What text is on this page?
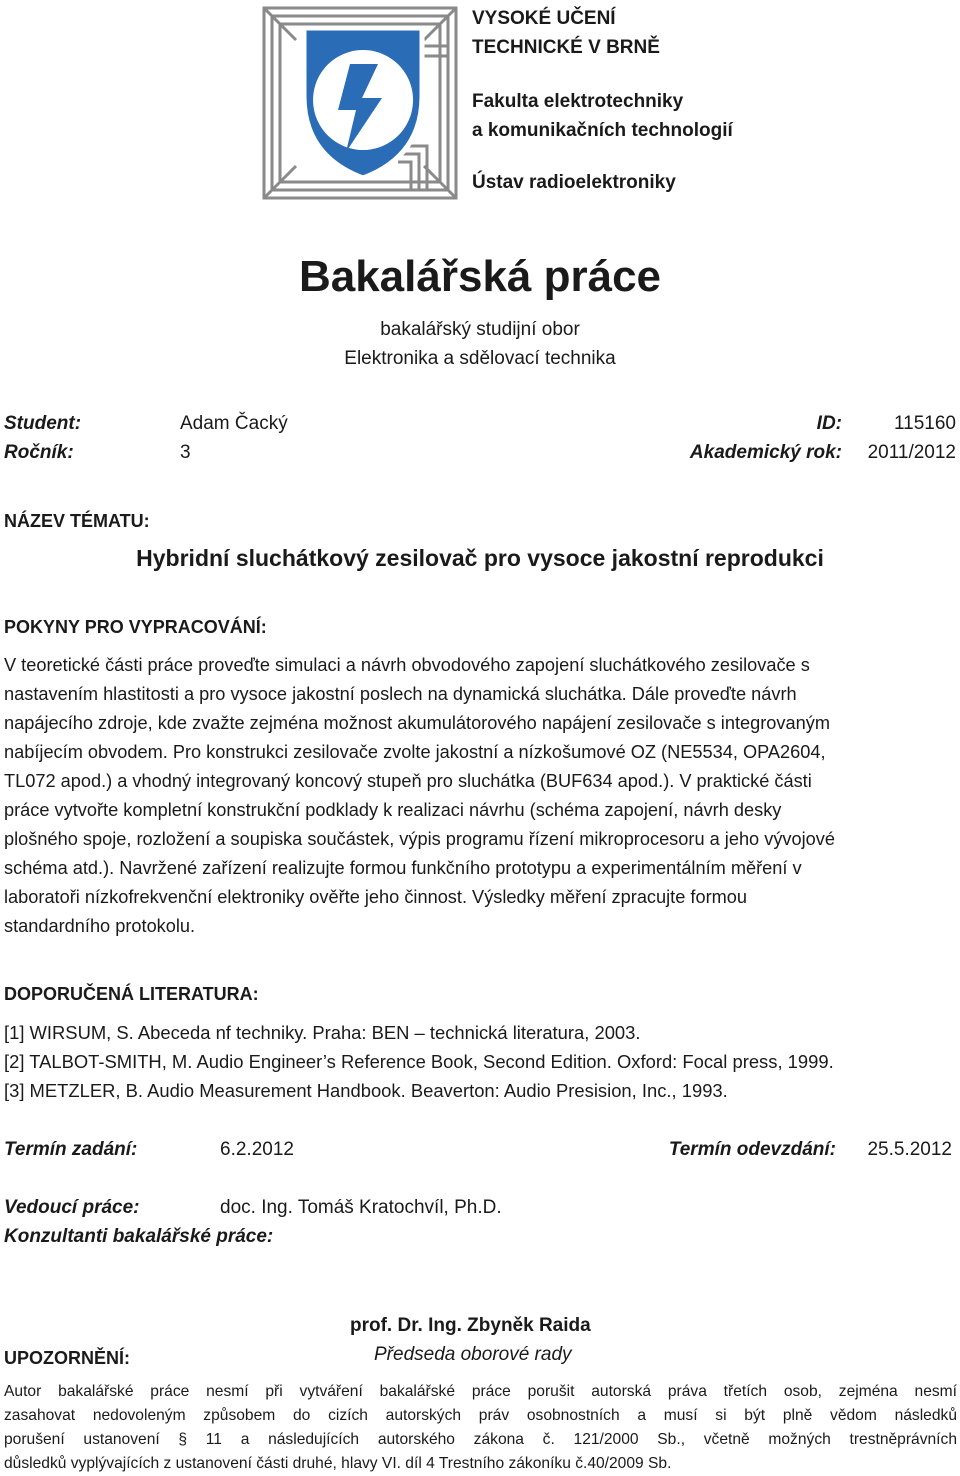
VYSOKÉ UČENÍ
TECHNICKÉ V BRNĚ
Fakulta elektrotechniky
a komunikačních technologií
Ústav radioelektroniky
Bakalářská práce
bakalářský studijní obor
Elektronika a sdělovací technika
Student:	Adam Čacký	ID:	115160
Ročník:	3	Akademický rok: 2011/2012
NÁZEV TÉMATU:
Hybridní sluchátkový zesilovač pro vysoce jakostní reprodukci
POKYNY PRO VYPRACOVÁNÍ:
V teoretické části práce proveďte simulaci a návrh obvodového zapojení sluchátkového zesilovače s
nastavením hlastitosti a pro vysoce jakostní poslech na dynamická sluchátka. Dále proveďte návrh
napájecího zdroje, kde zvažte zejména možnost akumulátorového napájení zesilovače s integrovaným
nabíjecím obvodem. Pro konstrukci zesilovače zvolte jakostní a nízkošumové OZ (NE5534, OPA2604,
TL072 apod.) a vhodný integrovaný koncový stupeň pro sluchátka (BUF634 apod.). V praktické části
práce vytvořte kompletní konstrukční podklady k realizaci návrhu (schéma zapojení, návrh desky
plošného spoje, rozložení a soupiska součástek, výpis programu řízení mikroprocesoru a jeho vývojové
schéma atd.). Navržené zařízení realizujte formou funkčního prototypu a experimentálním měření v
laboratoři nízkofrekvenční elektroniky ověřte jeho činnost. Výsledky měření zpracujte formou
standardního protokolu.
DOPORUČENÁ LITERATURA:
[1] WIRSUM, S. Abeceda nf techniky. Praha: BEN – technická literatura, 2003.
[2] TALBOT-SMITH, M. Audio Engineer’s Reference Book, Second Edition. Oxford: Focal press, 1999.
[3] METZLER, B. Audio Measurement Handbook. Beaverton: Audio Presision, Inc., 1993.
Termín zadání:	6.2.2012	Termín odevzdání: 25.5.2012
Vedoucí práce:	doc. Ing. Tomáš Kratochvíl, Ph.D.
Konzultanti bakalářské práce:
prof. Dr. Ing. Zbyněk Raida
Předseda oborové rady
UPOZORNĚNÍ:
Autor bakalářské práce nesmí při vytváření bakalářské práce porušit autorská práva třetích osob, zejména nesmí
zasahovat nedovoleným způsobem do cizích autorských práv osobnostních a musí si být plně vědom následků
porušení ustanovení § 11 a následujících autorského zákona č. 121/2000 Sb., včetně možných trestněprávních
důsledků vyplývajících z ustanovení části druhé, hlavy VI. díl 4 Trestního zákoníku č.40/2009 Sb.
